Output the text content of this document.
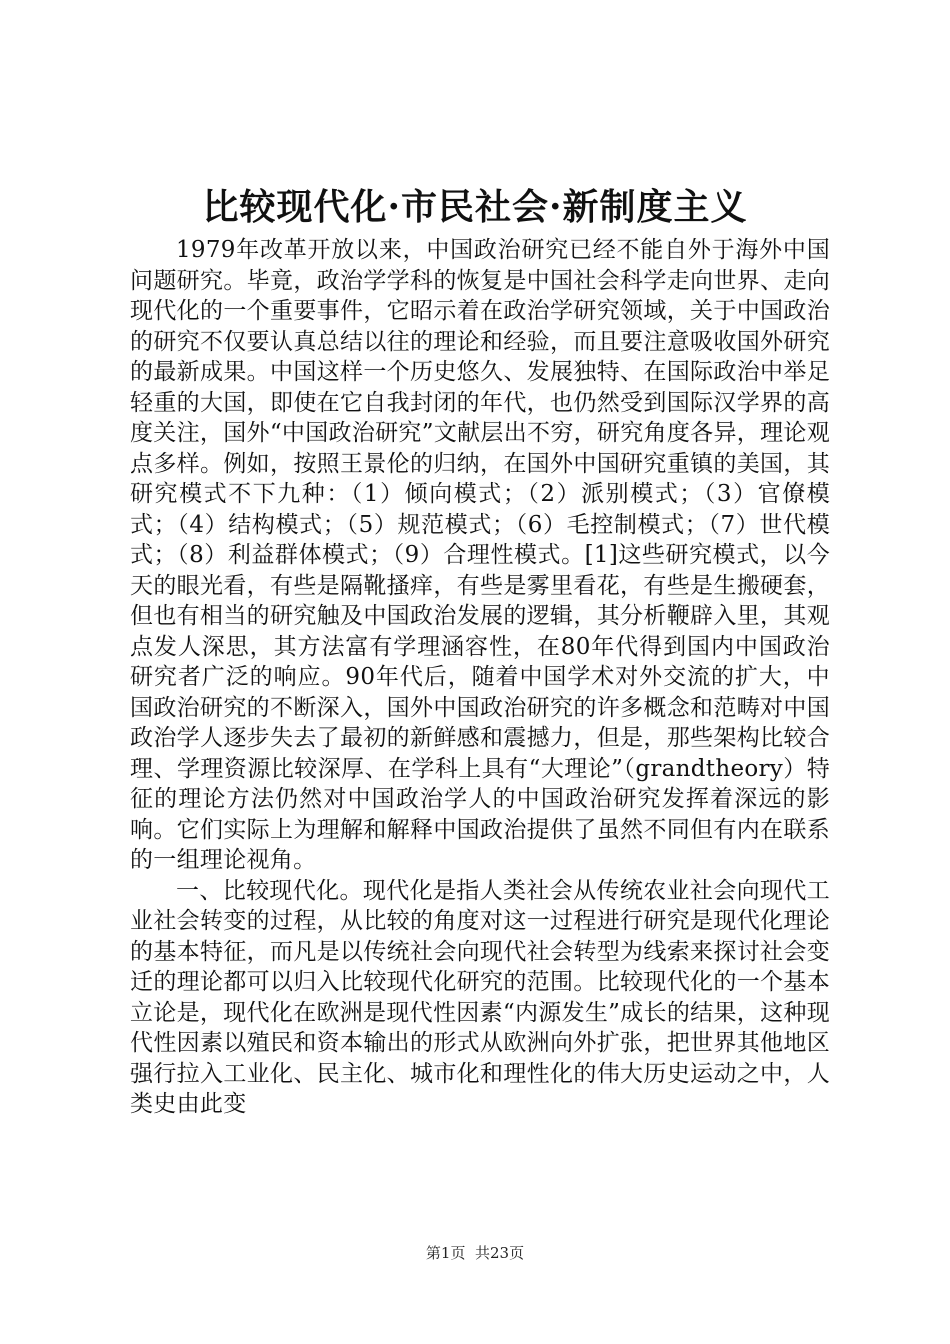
比较现代化·市民社会·新制度主义

1979年改革开放以来，中国政治研究已经不能自外于海外中国问题研究。毕竟，政治学学科的恢复是中国社会科学走向世界、走向现代化的一个重要事件，它昭示着在政治学研究领域，关于中国政治的研究不仅要认真总结以往的理论和经验，而且要注意吸收国外研究的最新成果。中国这样一个历史悠久、发展独特、在国际政治中举足轻重的大国，即使在它自我封闭的年代，也仍然受到国际汉学界的高度关注，国外“中国政治研究”文献层出不穷，研究角度各异，理论观点多样。例如，按照王景伦的归纳，在国外中国研究重镇的美国，其研究模式不下九种：（1）倾向模式；（2）派别模式；（3）官僚模式；（4）结构模式；（5）规范模式；（6）毛控制模式；（7）世代模式；（8）利益群体模式；（9）合理性模式。[1]这些研究模式，以今天的眼光看，有些是隔靴搔痒，有些是雾里看花，有些是生搬硬套，但也有相当的研究触及中国政治发展的逻辑，其分析鞭辟入里，其观点发人深思，其方法富有学理涵容性，在80年代得到国内中国政治研究者广泛的响应。90年代后，随着中国学术对外交流的扩大，中国政治研究的不断深入，国外中国政治研究的许多概念和范畴对中国政治学人逐步失去了最初的新鲜感和震撼力，但是，那些架构比较合理、学理资源比较深厚、在学科上具有“大理论”（grandtheory）特征的理论方法仍然对中国政治学人的中国政治研究发挥着深远的影响。它们实际上为理解和解释中国政治提供了虽然不同但有内在联系的一组理论视角。

一、比较现代化。现代化是指人类社会从传统农业社会向现代工业社会转变的过程，从比较的角度对这一过程进行研究是现代化理论的基本特征，而凡是以传统社会向现代社会转型为线索来探讨社会变迁的理论都可以归入比较现代化研究的范围。比较现代化的一个基本立论是，现代化在欧洲是现代性因素“内源发生”成长的结果，这种现代性因素以殖民和资本输出的形式从欧洲向外扩张，把世界其他地区强行拉入工业化、民主化、城市化和理性化的伟大历史运动之中，人类史由此变

第1页 共23页
